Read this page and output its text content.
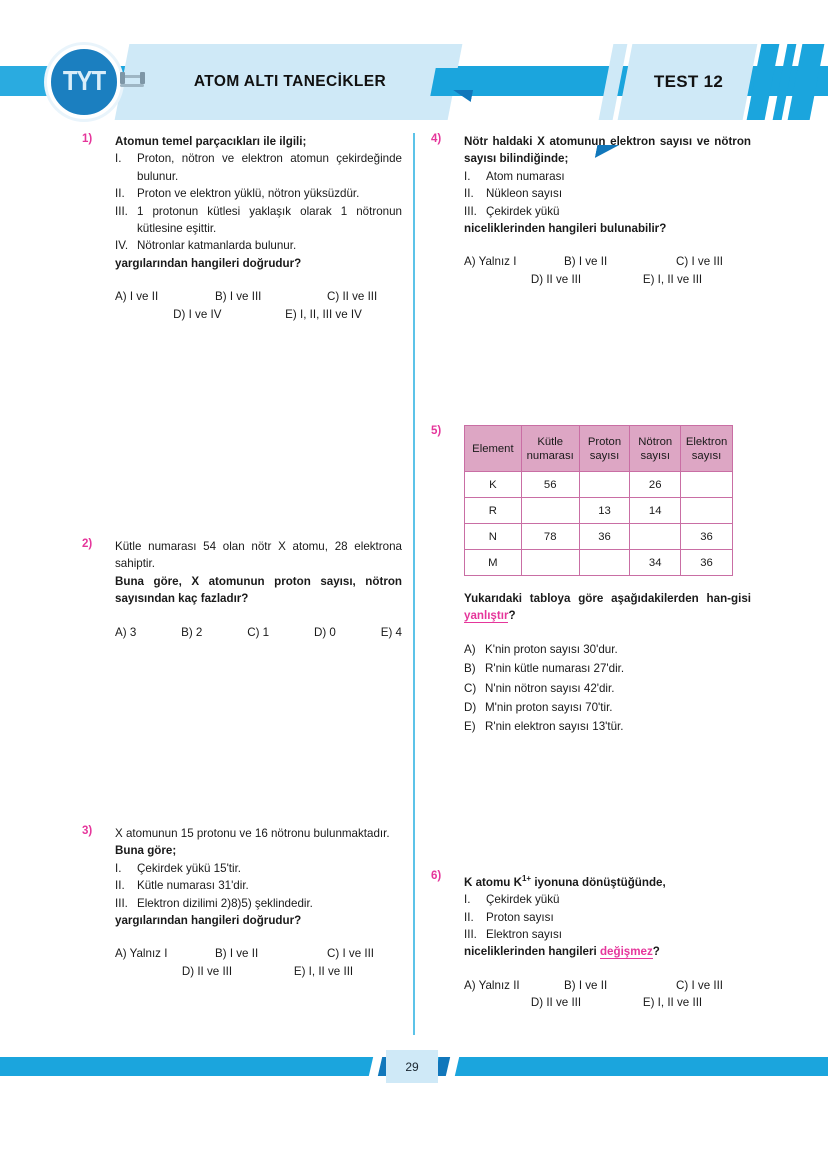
ATOM ALTI TANECİKLER	TEST 12
TYT
1)	Atomun temel parçacıkları ile ilgili;

I.	Proton, nötron ve elektron atomun çekirdeğinde bulunur.
II.	Proton ve elektron yüklü, nötron yüksüzdür.
III. 1 protonun kütlesi yaklaşık olarak 1 nötronun kütlesine eşittir.
IV. Nötronlar katmanlarda bulunur.

yargılarından hangileri doğrudur?

A) I ve II	B) I ve III	C) II ve III
D) I ve IV	E) I, II, III ve IV
2)	Kütle numarası 54 olan nötr X atomu, 28 elektrona sahiptir.

Buna göre, X atomunun proton sayısı, nötron sayısından kaç fazladır?

A) 3	B) 2	C) 1	D) 0	E) 4
3)	X atomunun 15 protonu ve 16 nötronu bulunmaktadır.

Buna göre;

I.	Çekirdek yükü 15'tir.
II.	Kütle numarası 31'dir.
III. Elektron dizilimi 2)8)5) şeklindedir.

yargılarından hangileri doğrudur?

A) Yalnız I	B) I ve II	C) I ve III
D) II ve III	E) I, II ve III
4)	Nötr haldaki X atomunun elektron sayısı ve nötron sayısı bilindiğinde;

I.	Atom numarası
II.	Nükleon sayısı
III. Çekirdek yükü

niceliklerinden hangileri bulunabilir?

A) Yalnız I	B) I ve II	C) I ve III
D) II ve III	E) I, II ve III
5)
Element	Kütle numarası	Proton sayısı	Nötron sayısı	Elektron sayısı
K	56		26	
R		13	14	
N	78	36		36
M			34	36

Yukarıdaki tabloya göre aşağıdakilerden han-gisi yanlıştır?

A) K'nin proton sayısı 30'dur.
B) R'nin kütle numarası 27'dir.
C) N'nin nötron sayısı 42'dir.
D) M'nin proton sayısı 70'tir.
E) R'nin elektron sayısı 13'tür.
6)	K atomu $K^{1+}$ iyonuna dönüştüğünde,

I.	Çekirdek yükü
II.	Proton sayısı
III. Elektron sayısı

niceliklerinden hangileri değişmez?

A) Yalnız II	B) I ve II	C) I ve III
D) II ve III	E) I, II ve III
29
